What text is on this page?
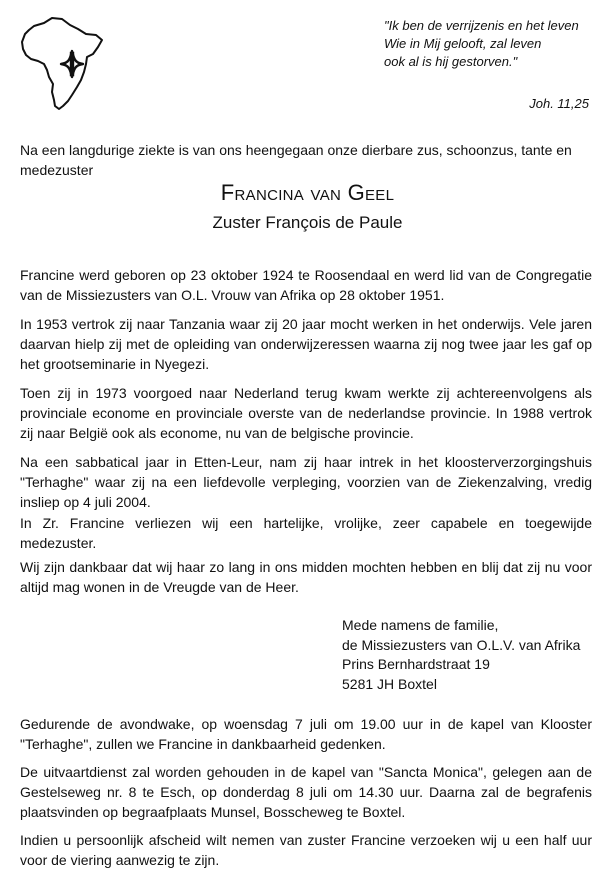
"Ik ben de verrijzenis en het leven
Wie in Mij gelooft, zal leven
ook al is hij gestorven."
Joh. 11,25
Na een langdurige ziekte is van ons heengegaan onze dierbare zus, schoonzus, tante en medezuster
Francina van Geel
Zuster François de Paule
Francine werd geboren op 23 oktober 1924 te Roosendaal en werd lid van de Congregatie van de Missiezusters van O.L. Vrouw van Afrika op 28 oktober 1951.
In 1953 vertrok zij naar Tanzania waar zij 20 jaar mocht werken in het onderwijs. Vele jaren daarvan hielp zij met de opleiding van onderwijzeressen waarna zij nog twee jaar les gaf op het grootseminarie in Nyegezi.
Toen zij in 1973 voorgoed naar Nederland terug kwam werkte zij achtereenvolgens als provinciale econome en provinciale overste van de nederlandse provincie. In 1988 vertrok zij naar België ook als econome, nu van de belgische provincie.
Na een sabbatical jaar in Etten-Leur, nam zij haar intrek in het kloosterverzorgingshuis "Terhaghe" waar zij na een liefdevolle verpleging, voorzien van de Ziekenzalving, vredig insliep op 4 juli 2004.
In Zr. Francine verliezen wij een hartelijke, vrolijke, zeer capabele en toegewijde medezuster.
Wij zijn dankbaar dat wij haar zo lang in ons midden mochten hebben en blij dat zij nu voor altijd mag wonen in de Vreugde van de Heer.
Mede namens de familie,
de Missiezusters van O.L.V. van Afrika
Prins Bernhardstraat 19
5281 JH Boxtel
Gedurende de avondwake, op woensdag 7 juli om 19.00 uur in de kapel van Klooster "Terhaghe", zullen we Francine in dankbaarheid gedenken.
De uitvaartdienst zal worden gehouden in de kapel van "Sancta Monica", gelegen aan de Gestelseweg nr. 8 te Esch, op donderdag 8 juli om 14.30 uur. Daarna zal de begrafenis plaatsvinden op begraafplaats Munsel, Bosscheweg te Boxtel.
Indien u persoonlijk afscheid wilt nemen van zuster Francine verzoeken wij u een half uur voor de viering aanwezig te zijn.
